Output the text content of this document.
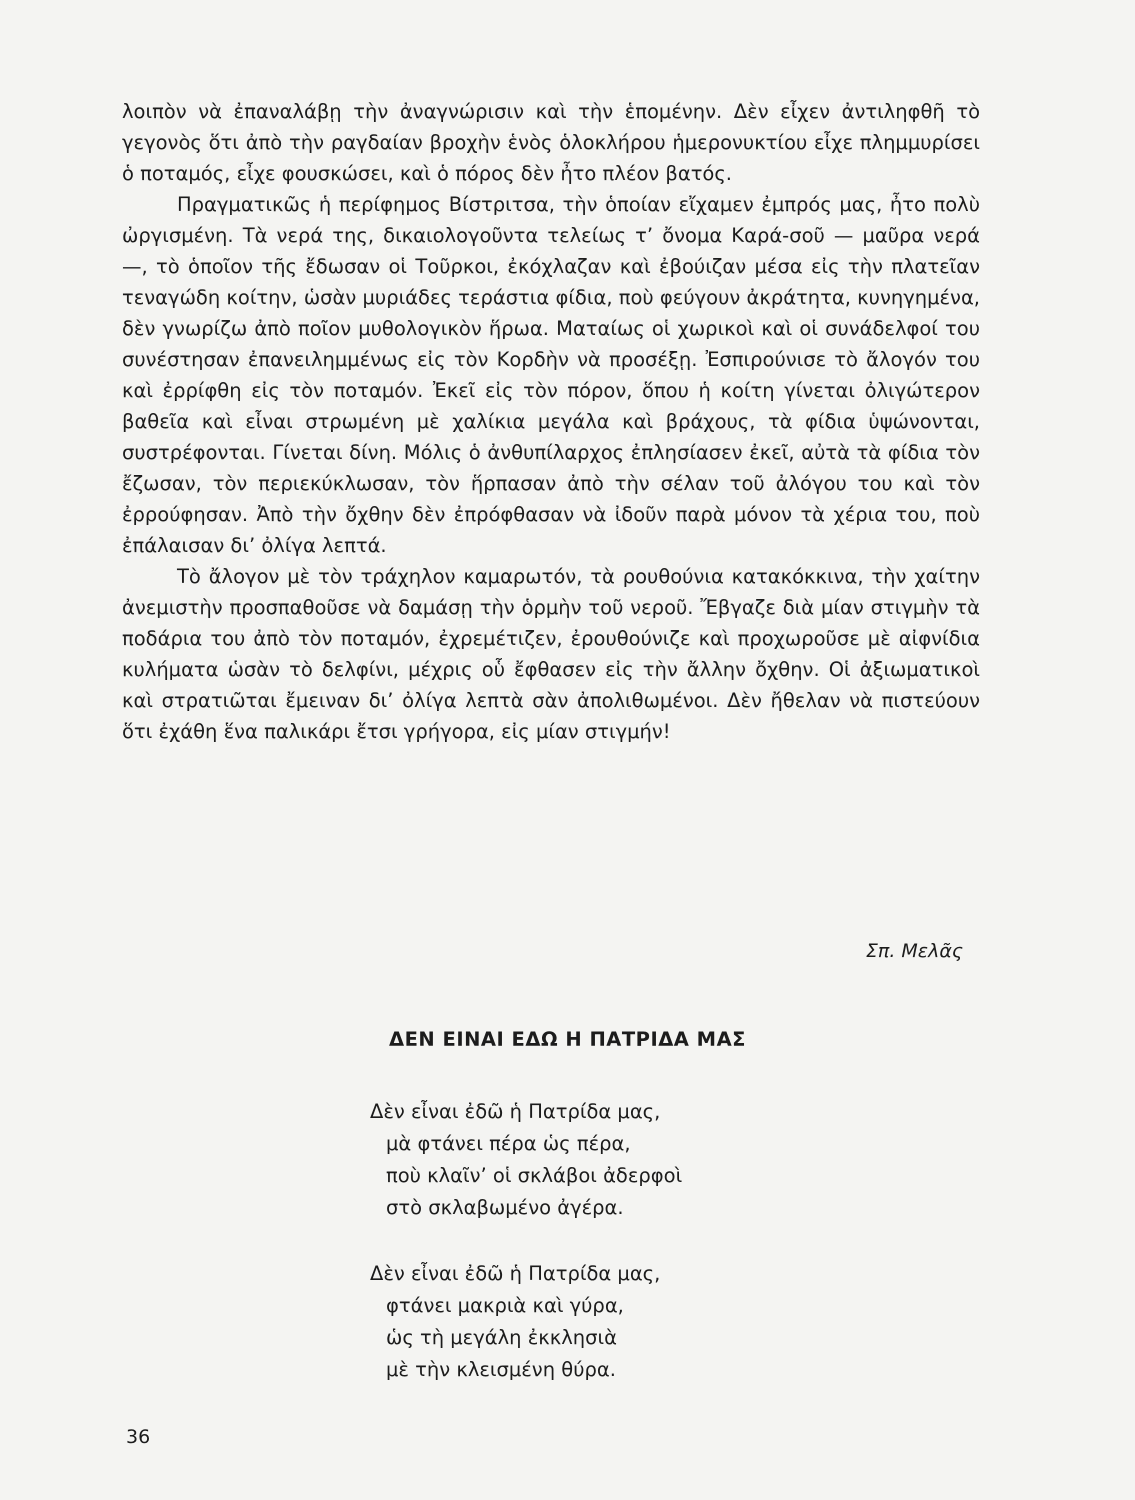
λοιπὸν νὰ ἐπαναλάβῃ τὴν ἀναγνώρισιν καὶ τὴν ἑπομένην. Δὲν εἶχεν ἀντιληφθῆ τὸ γεγονὸς ὅτι ἀπὸ τὴν ραγδαίαν βροχὴν ἑνὸς ὁλοκλήρου ἡμερονυκτίου εἶχε πλημμυρίσει ὁ ποταμός, εἶχε φουσκώσει, καὶ ὁ πόρος δὲν ἦτο πλέον βατός.

Πραγματικῶς ἡ περίφημος Βίστριτσα, τὴν ὁποίαν εἴχαμεν ἐμπρός μας, ἦτο πολὺ ὠργισμένη. Τὰ νερά της, δικαιολογοῦντα τελείως τ’ ὄνομα Καρά-σοῦ — μαῦρα νερά —, τὸ ὁποῖον τῆς ἔδωσαν οἱ Τοῦρκοι, ἐκόχλαζαν καὶ ἐβούιζαν μέσα εἰς τὴν πλατεῖαν τεναγώδη κοίτην, ὡσὰν μυριάδες τεράστια φίδια, ποὺ φεύγουν ἀκράτητα, κυνηγημένα, δὲν γνωρίζω ἀπὸ ποῖον μυθολογικὸν ἥρωα. Ματαίως οἱ χωρικοὶ καὶ οἱ συνάδελφοί του συνέστησαν ἐπανειλημμένως εἰς τὸν Κορδὴν νὰ προσέξῃ. Ἐσπιρούνισε τὸ ἄλογόν του καὶ ἐρρίφθη εἰς τὸν ποταμόν. Ἐκεῖ εἰς τὸν πόρον, ὅπου ἡ κοίτη γίνεται ὀλιγώτερον βαθεῖα καὶ εἶναι στρωμένη μὲ χαλίκια μεγάλα καὶ βράχους, τὰ φίδια ὑψώνονται, συστρέφονται. Γίνεται δίνη. Μόλις ὁ ἀνθυπίλαρχος ἐπλησίασεν ἐκεῖ, αὐτὰ τὰ φίδια τὸν ἔζωσαν, τὸν περιεκύκλωσαν, τὸν ἥρπασαν ἀπὸ τὴν σέλαν τοῦ ἀλόγου του καὶ τὸν ἐρρούφησαν. Ἀπὸ τὴν ὄχθην δὲν ἐπρόφθασαν νὰ ἰδοῦν παρὰ μόνον τὰ χέρια του, ποὺ ἐπάλαισαν δι’ ὀλίγα λεπτά.

Τὸ ἄλογον μὲ τὸν τράχηλον καμαρωτόν, τὰ ρουθούνια κατακόκκινα, τὴν χαίτην ἀνεμιστὴν προσπαθοῦσε νὰ δαμάσῃ τὴν ὁρμὴν τοῦ νεροῦ. Ἔβγαζε διὰ μίαν στιγμὴν τὰ ποδάρια του ἀπὸ τὸν ποταμόν, ἐχρεμέτιζεν, ἐρουθούνιζε καὶ προχωροῦσε μὲ αἰφνίδια κυλήματα ὡσὰν τὸ δελφίνι, μέχρις οὗ ἔφθασεν εἰς τὴν ἄλλην ὄχθην. Οἱ ἀξιωματικοὶ καὶ στρατιῶται ἔμειναν δι’ ὀλίγα λεπτὰ σὰν ἀπολιθωμένοι. Δὲν ἤθελαν νὰ πιστεύουν ὅτι ἐχάθη ἕνα παλικάρι ἔτσι γρήγορα, εἰς μίαν στιγμήν!

Σπ. Μελᾶς
ΔΕΝ ΕΙΝΑΙ ΕΔΩ Η ΠΑΤΡΙΔΑ ΜΑΣ
Δὲν εἶναι ἐδῶ ἡ Πατρίδα μας,
μὰ φτάνει πέρα ὡς πέρα,
ποὺ κλαῖν’ οἱ σκλάβοι ἀδερφοὶ
στὸ σκλαβωμένο ἀγέρα.
Δὲν εἶναι ἐδῶ ἡ Πατρίδα μας,
φτάνει μακριὰ καὶ γύρα,
ὡς τὴ μεγάλη ἐκκλησιὰ
μὲ τὴν κλεισμένη θύρα.
36
